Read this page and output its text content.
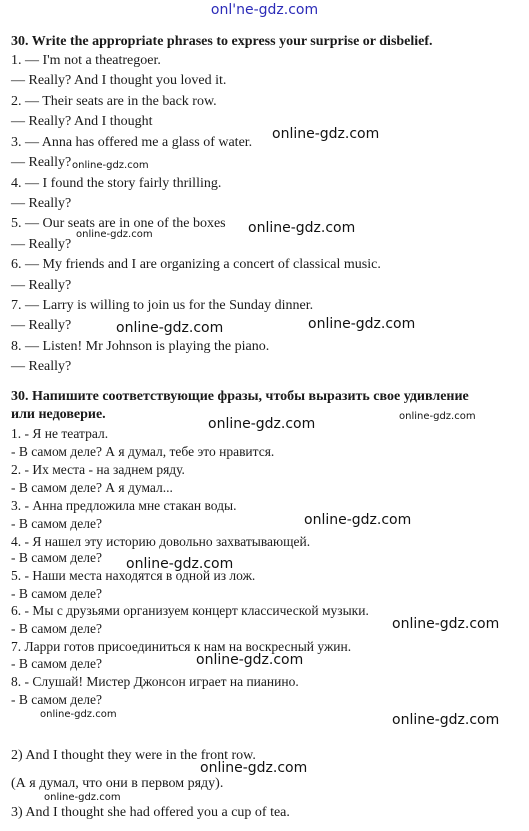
onl'ne-gdz.com
30. Write the appropriate phrases to express your surprise or disbelief.
1. — I'm not a theatregoer.
— Really? And I thought you loved it.
2. — Their seats are in the back row.
— Really? And I thought
3. — Anna has offered me a glass of water.
— Really?
4. — I found the story fairly thrilling.
— Really?
5. — Our seats are in one of the boxes
— Really?
6. — My friends and I are organizing a concert of classical music.
— Really?
7. — Larry is willing to join us for the Sunday dinner.
— Really?
8. — Listen! Mr Johnson is playing the piano.
— Really?
30. Напишите соответствующие фразы, чтобы выразить свое удивление
или недоверие.
1. - Я не театрал.
- В самом деле? А я думал, тебе это нравится.
2. - Их места - на заднем ряду.
- В самом деле? А я думал...
3. - Анна предложила мне стакан воды.
- В самом деле?
4. - Я нашел эту историю довольно захватывающей.
- В самом деле?
5. - Наши места находятся в одной из лож.
- В самом деле?
6. - Мы с друзьями организуем концерт классической музыки.
- В самом деле?
7. Ларри готов присоединиться к нам на воскресный ужин.
- В самом деле?
8. - Слушай! Мистер Джонсон играет на пианино.
- В самом деле?
2) And I thought they were in the front row.
(А я думал, что они в первом ряду).
3) And I thought she had offered you a cup of tea.
online-gdz.com
online-gdz.com
online-gdz.com
online-gdz.com
online-gdz.com	online-gdz.com
online-gdz.com
online-gdz.com
online-gdz.com
online-gdz.com
online-gdz.com
online-gdz.com
online-gdz.com	online-gdz.com
online-gdz.com
online-gdz.com
